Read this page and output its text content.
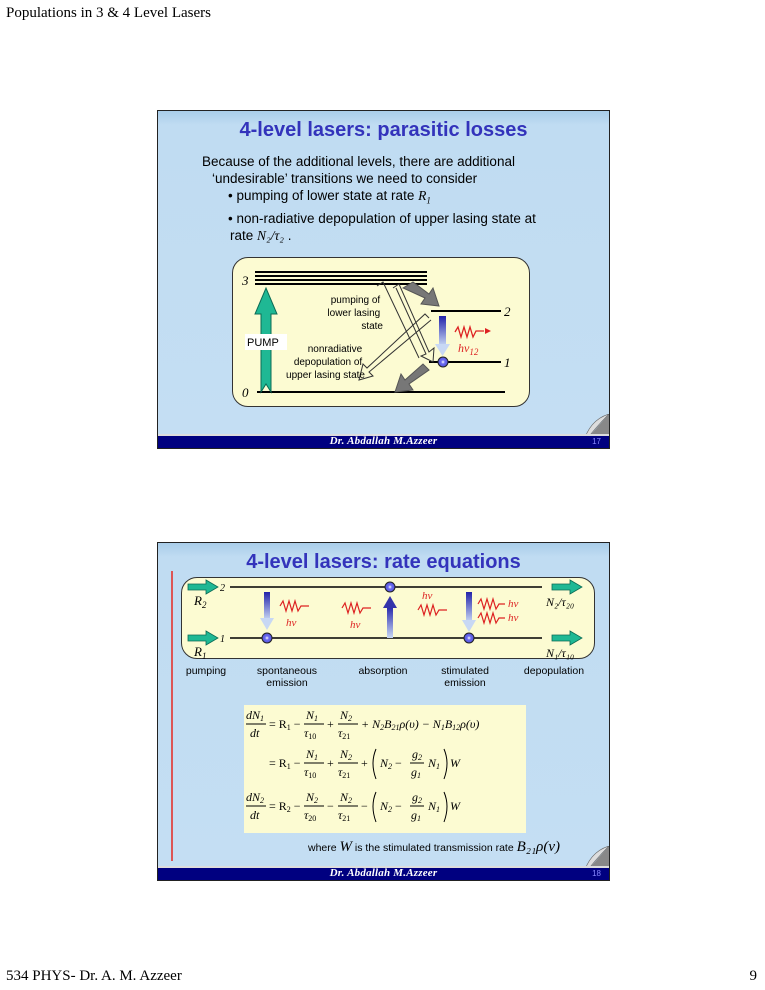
Populations in 3 & 4 Level Lasers
4-level lasers: parasitic losses
Because of the additional levels, there are additional
‘undesirable’ transitions we need to consider
• pumping of lower state at rate $R_1$
• non-radiative depopulation of upper lasing state at
rate N₂/τ₂ .
3
2
1
0
PUMP	$h\nu_{12}$
pumping of lower lasing state
nonradiative depopulation of upper lasing state
Dr. Abdallah M.Azzeer	17
4-level lasers: rate equations
2
1
$R_2$
$R_1$
N₂/τ₂₀
N₁/τ₁₀
hν	hν
hν
hν
hν
pumping	spontaneous
emission
absorption	stimulated
emission
depopulation
dN1
dt
= R1 −
N1
τ10
+
N2
τ21
+ N2B21ρ(υ) − N1B12ρ(υ)
= R1 −
N1
τ10
+
N2
τ21
+ N2 −
g2
g1
N1 W
dN2
dt
= R2 −
N2
τ20
−
N2
τ21
− N2 −
g2
g1
N1 W
where W is the stimulated transmission rate B₂₁ρ(ν)
Dr. Abdallah M.Azzeer	18
534 PHYS- Dr. A. M. Azzeer	9
